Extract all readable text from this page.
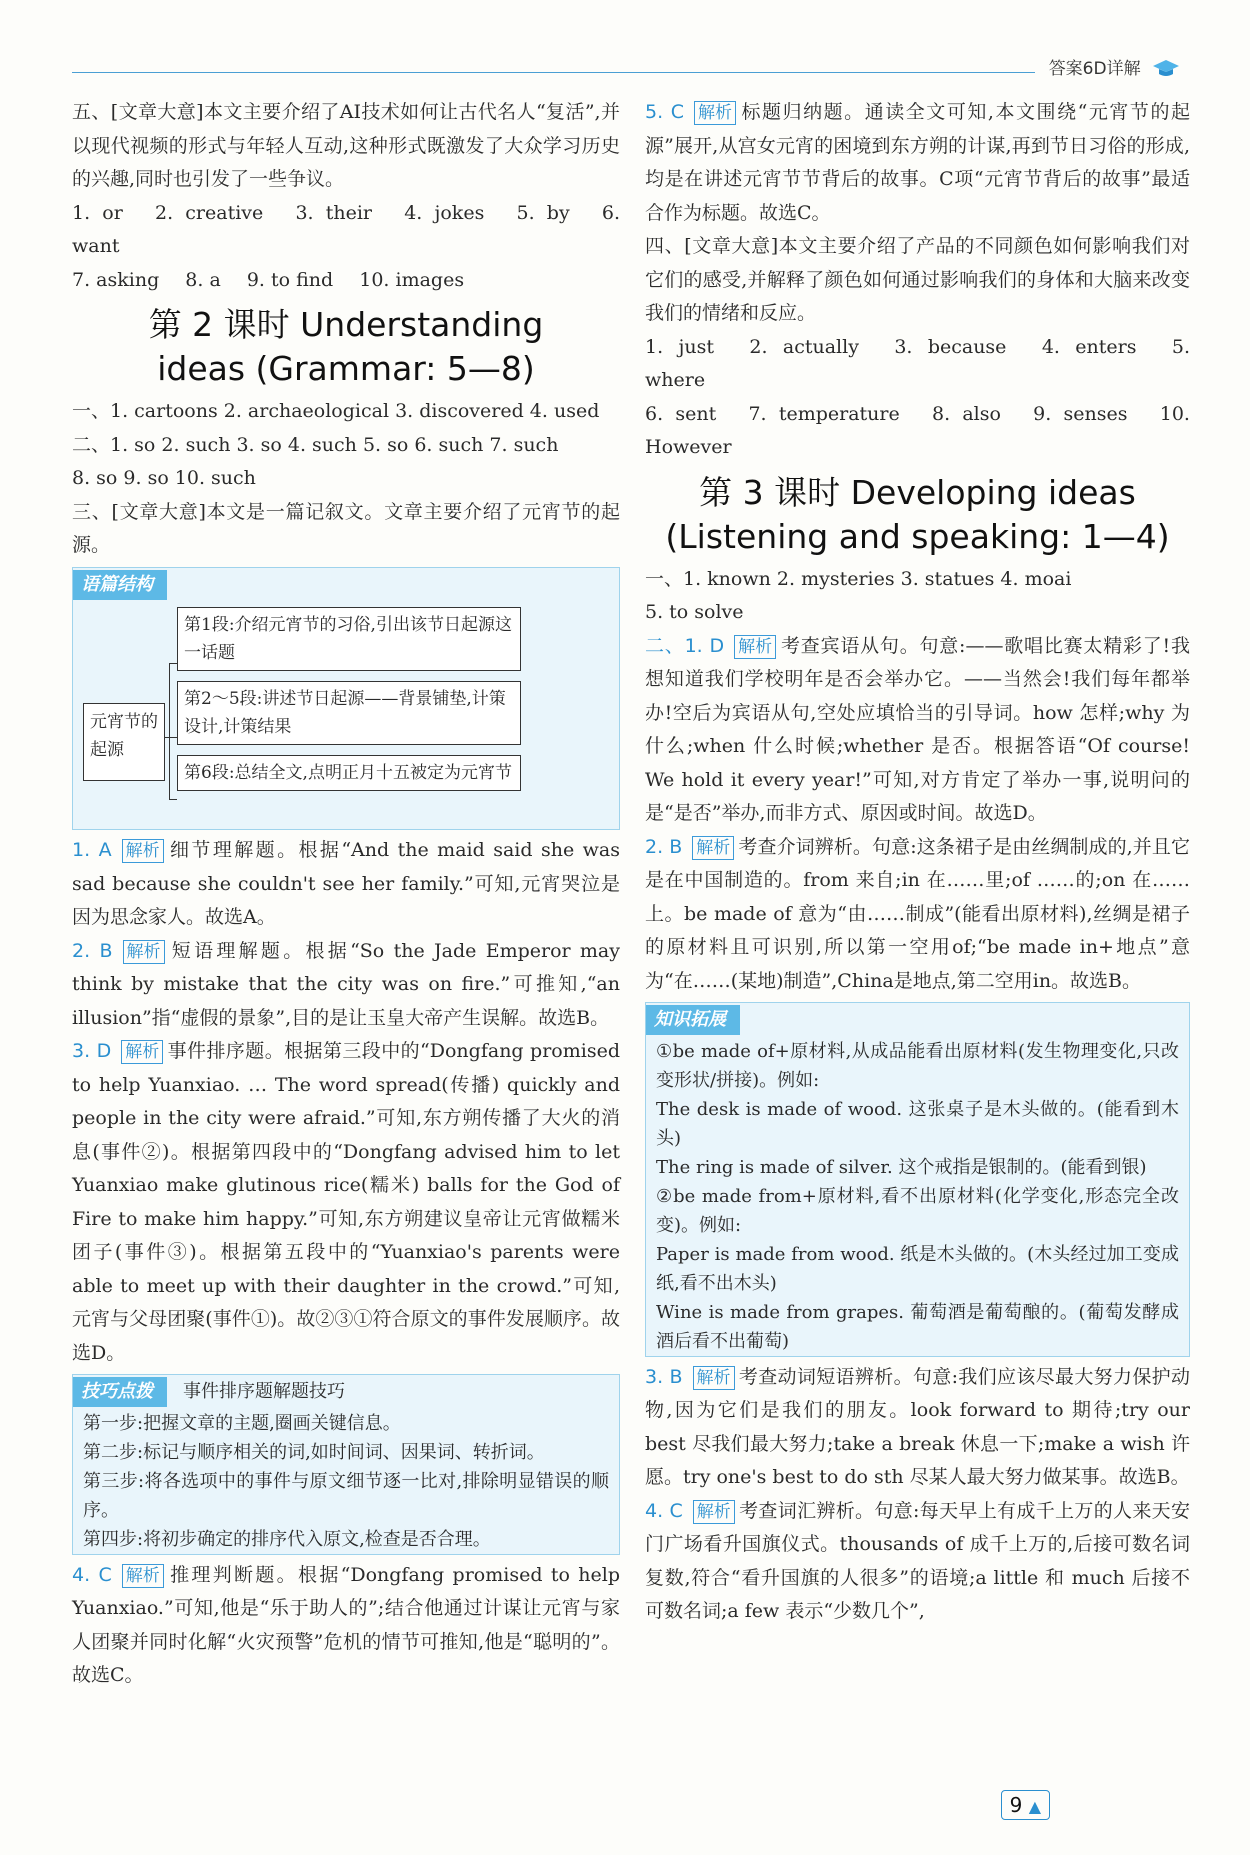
答案6D详解

五、[文章大意]本文主要介绍了AI技术如何让古代名人“复活”,并以现代视频的形式与年轻人互动,这种形式既激发了大众学习历史的兴趣,同时也引发了一些争议。

1. or 2. creative 3. their 4. jokes 5. by 6. want

7. asking 8. a 9. to find 10. images

第 2 课时 Understanding
ideas (Grammar: 5—8)

一、1. cartoons 2. archaeological 3. discovered 4. used

二、1. so 2. such 3. so 4. such 5. so 6. such 7. such

8. so 9. so 10. such

三、[文章大意]本文是一篇记叙文。文章主要介绍了元宵节的起源。

语篇结构
元宵节的起源
第1段:介绍元宵节的习俗,引出该节日起源这一话题
第2～5段:讲述节日起源——背景铺垫,计策设计,计策结果
第6段:总结全文,点明正月十五被定为元宵节

1. A 解析 细节理解题。根据“And the maid said she was sad because she couldn't see her family.”可知,元宵哭泣是因为思念家人。故选A。

2. B 解析 短语理解题。根据“So the Jade Emperor may think by mistake that the city was on fire.”可推知,“an illusion”指“虚假的景象”,目的是让玉皇大帝产生误解。故选B。

3. D 解析 事件排序题。根据第三段中的“Dongfang promised to help Yuanxiao. … The word spread(传播) quickly and people in the city were afraid.”可知,东方朔传播了大火的消息(事件②)。根据第四段中的“Dongfang advised him to let Yuanxiao make glutinous rice(糯米) balls for the God of Fire to make him happy.”可知,东方朔建议皇帝让元宵做糯米团子(事件③)。根据第五段中的“Yuanxiao's parents were able to meet up with their daughter in the crowd.”可知,元宵与父母团聚(事件①)。故②③①符合原文的事件发展顺序。故选D。

技巧点拨 事件排序题解题技巧

第一步:把握文章的主题,圈画关键信息。

第二步:标记与顺序相关的词,如时间词、因果词、转折词。

第三步:将各选项中的事件与原文细节逐一比对,排除明显错误的顺序。

第四步:将初步确定的排序代入原文,检查是否合理。

4. C 解析 推理判断题。根据“Dongfang promised to help Yuanxiao.”可知,他是“乐于助人的”;结合他通过计谋让元宵与家人团聚并同时化解“火灾预警”危机的情节可推知,他是“聪明的”。故选C。

5. C 解析 标题归纳题。通读全文可知,本文围绕“元宵节的起源”展开,从宫女元宵的困境到东方朔的计谋,再到节日习俗的形成,均是在讲述元宵节节背后的故事。C项“元宵节背后的故事”最适合作为标题。故选C。

四、[文章大意]本文主要介绍了产品的不同颜色如何影响我们对它们的感受,并解释了颜色如何通过影响我们的身体和大脑来改变我们的情绪和反应。

1. just 2. actually 3. because 4. enters 5. where

6. sent 7. temperature 8. also 9. senses 10. However

第 3 课时 Developing ideas
(Listening and speaking: 1—4)

一、1. known 2. mysteries 3. statues 4. moai

5. to solve

二、1. D 解析 考查宾语从句。句意:——歌唱比赛太精彩了!我想知道我们学校明年是否会举办它。——当然会!我们每年都举办!空后为宾语从句,空处应填恰当的引导词。how 怎样;why 为什么;when 什么时候;whether 是否。根据答语“Of course! We hold it every year!”可知,对方肯定了举办一事,说明问的是“是否”举办,而非方式、原因或时间。故选D。

2. B 解析 考查介词辨析。句意:这条裙子是由丝绸制成的,并且它是在中国制造的。from 来自;in 在……里;of ……的;on 在……上。be made of 意为“由……制成”(能看出原材料),丝绸是裙子的原材料且可识别,所以第一空用of;“be made in+地点”意为“在……(某地)制造”,China是地点,第二空用in。故选B。

知识拓展

①be made of+原材料,从成品能看出原材料(发生物理变化,只改变形状/拼接)。例如:

The desk is made of wood. 这张桌子是木头做的。(能看到木头)

The ring is made of silver. 这个戒指是银制的。(能看到银)

②be made from+原材料,看不出原材料(化学变化,形态完全改变)。例如:

Paper is made from wood. 纸是木头做的。(木头经过加工变成纸,看不出木头)

Wine is made from grapes. 葡萄酒是葡萄酿的。(葡萄发酵成酒后看不出葡萄)

3. B 解析 考查动词短语辨析。句意:我们应该尽最大努力保护动物,因为它们是我们的朋友。look forward to 期待;try our best 尽我们最大努力;take a break 休息一下;make a wish 许愿。try one's best to do sth 尽某人最大努力做某事。故选B。

4. C 解析 考查词汇辨析。句意:每天早上有成千上万的人来天安门广场看升国旗仪式。thousands of 成千上万的,后接可数名词复数,符合“看升国旗的人很多”的语境;a little 和 much 后接不可数名词;a few 表示“少数几个”,

9 ▲
